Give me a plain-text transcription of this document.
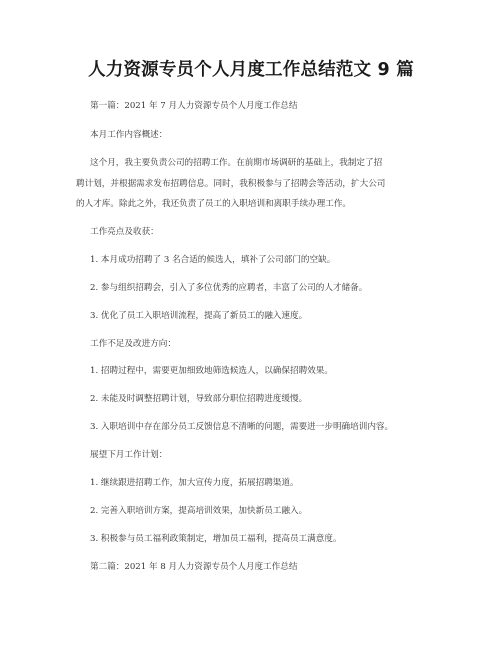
人力资源专员个人月度工作总结范文 9 篇
第一篇：2021 年 7 月人力资源专员个人月度工作总结
本月工作内容概述：
这个月，我主要负责公司的招聘工作。在前期市场调研的基础上，我制定了招
聘计划，并根据需求发布招聘信息。同时，我积极参与了招聘会等活动，扩大公司
的人才库。除此之外，我还负责了员工的入职培训和离职手续办理工作。
工作亮点及收获：
1. 本月成功招聘了 3 名合适的候选人，填补了公司部门的空缺。
2. 参与组织招聘会，引入了多位优秀的应聘者，丰富了公司的人才储备。
3. 优化了员工入职培训流程，提高了新员工的融入速度。
工作不足及改进方向：
1. 招聘过程中，需要更加细致地筛选候选人，以确保招聘效果。
2. 未能及时调整招聘计划，导致部分职位招聘进度缓慢。
3. 入职培训中存在部分员工反馈信息不清晰的问题，需要进一步明确培训内容。
展望下月工作计划：
1. 继续跟进招聘工作，加大宣传力度，拓展招聘渠道。
2. 完善入职培训方案，提高培训效果，加快新员工融入。
3. 积极参与员工福利政策制定，增加员工福利，提高员工满意度。
第二篇：2021 年 8 月人力资源专员个人月度工作总结
